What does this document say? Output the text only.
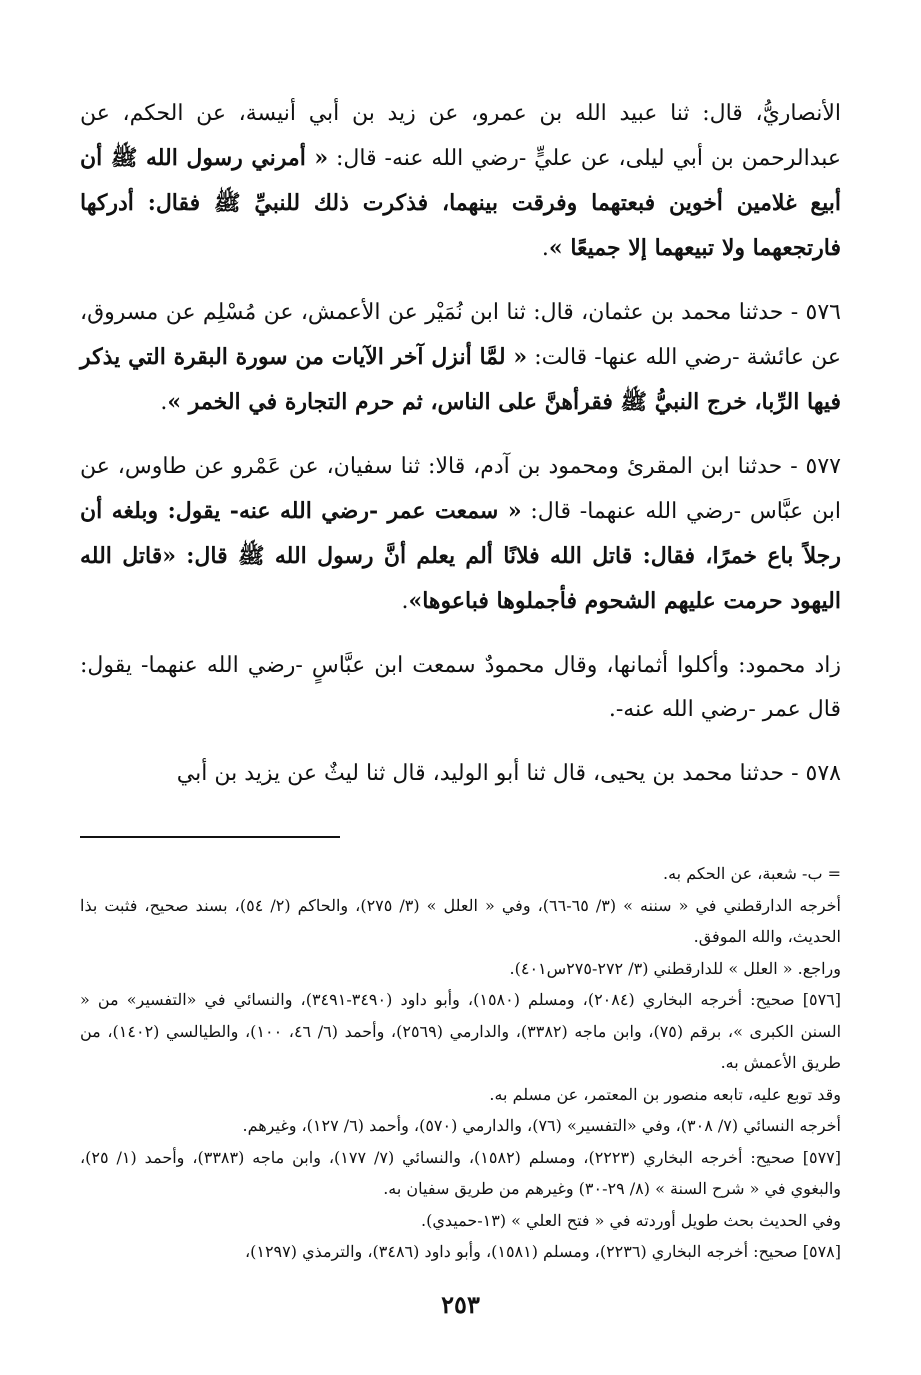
الأنصاريُّ، قال: ثنا عبيد الله بن عمرو، عن زيد بن أبي أنيسة، عن الحكم، عن عبدالرحمن بن أبي ليلى، عن عليٍّ -رضي الله عنه- قال: « أمرني رسول الله ﷺ أن أبيع غلامين أخوين فبعتهما وفرقت بينهما، فذكرت ذلك للنبيِّ ﷺ فقال: أدركها فارتجعهما ولا تبيعهما إلا جميعًا ».

٥٧٦ - حدثنا محمد بن عثمان، قال: ثنا ابن نُمَيْر عن الأعمش، عن مُسْلِم عن مسروق، عن عائشة -رضي الله عنها- قالت: « لمَّا أنزل آخر الآيات من سورة البقرة التي يذكر فيها الرِّبا، خرج النبيُّ ﷺ فقرأهنَّ على الناس، ثم حرم التجارة في الخمر ».

٥٧٧ - حدثنا ابن المقرئ ومحمود بن آدم، قالا: ثنا سفيان، عن عَمْرو عن طاوس، عن ابن عبَّاس -رضي الله عنهما- قال: « سمعت عمر -رضي الله عنه- يقول: وبلغه أن رجلاً باع خمرًا، فقال: قاتل الله فلانًا ألم يعلم أنَّ رسول الله ﷺ قال: «قاتل الله اليهود حرمت عليهم الشحوم فأجملوها فباعوها».

زاد محمود: وأكلوا أثمانها، وقال محمودٌ سمعت ابن عبَّاسٍ -رضي الله عنهما- يقول: قال عمر -رضي الله عنه-.

٥٧٨ - حدثنا محمد بن يحيى، قال ثنا أبو الوليد، قال ثنا ليثٌ عن يزيد بن أبي

= ب- شعبة، عن الحكم به.

أخرجه الدارقطني في « سننه » (٣/ ٦٥-٦٦)، وفي « العلل » (٣/ ٢٧٥)، والحاكم (٢/ ٥٤)، بسند صحيح، فثبت بذا الحديث، والله الموفق.

وراجع. « العلل » للدارقطني (٣/ ٢٧٢-٢٧٥س٤٠١).

[٥٧٦] صحيح: أخرجه البخاري (٢٠٨٤)، ومسلم (١٥٨٠)، وأبو داود (٣٤٩٠-٣٤٩١)، والنسائي في «التفسير» من « السنن الكبرى »، برقم (٧٥)، وابن ماجه (٣٣٨٢)، والدارمي (٢٥٦٩)، وأحمد (٦/ ٤٦، ١٠٠)، والطيالسي (١٤٠٢)، من طريق الأعمش به.

وقد توبع عليه، تابعه منصور بن المعتمر، عن مسلم به.

أخرجه النسائي (٧/ ٣٠٨)، وفي «التفسير» (٧٦)، والدارمي (٥٧٠)، وأحمد (٦/ ١٢٧)، وغيرهم.

[٥٧٧] صحيح: أخرجه البخاري (٢٢٢٣)، ومسلم (١٥٨٢)، والنسائي (٧/ ١٧٧)، وابن ماجه (٣٣٨٣)، وأحمد (١/ ٢٥)، والبغوي في « شرح السنة » (٨/ ٢٩-٣٠) وغيرهم من طريق سفيان به.

وفي الحديث بحث طويل أوردته في « فتح العلي » (١٣-حميدي).

[٥٧٨] صحيح: أخرجه البخاري (٢٢٣٦)، ومسلم (١٥٨١)، وأبو داود (٣٤٨٦)، والترمذي (١٢٩٧)،

٢٥٣
